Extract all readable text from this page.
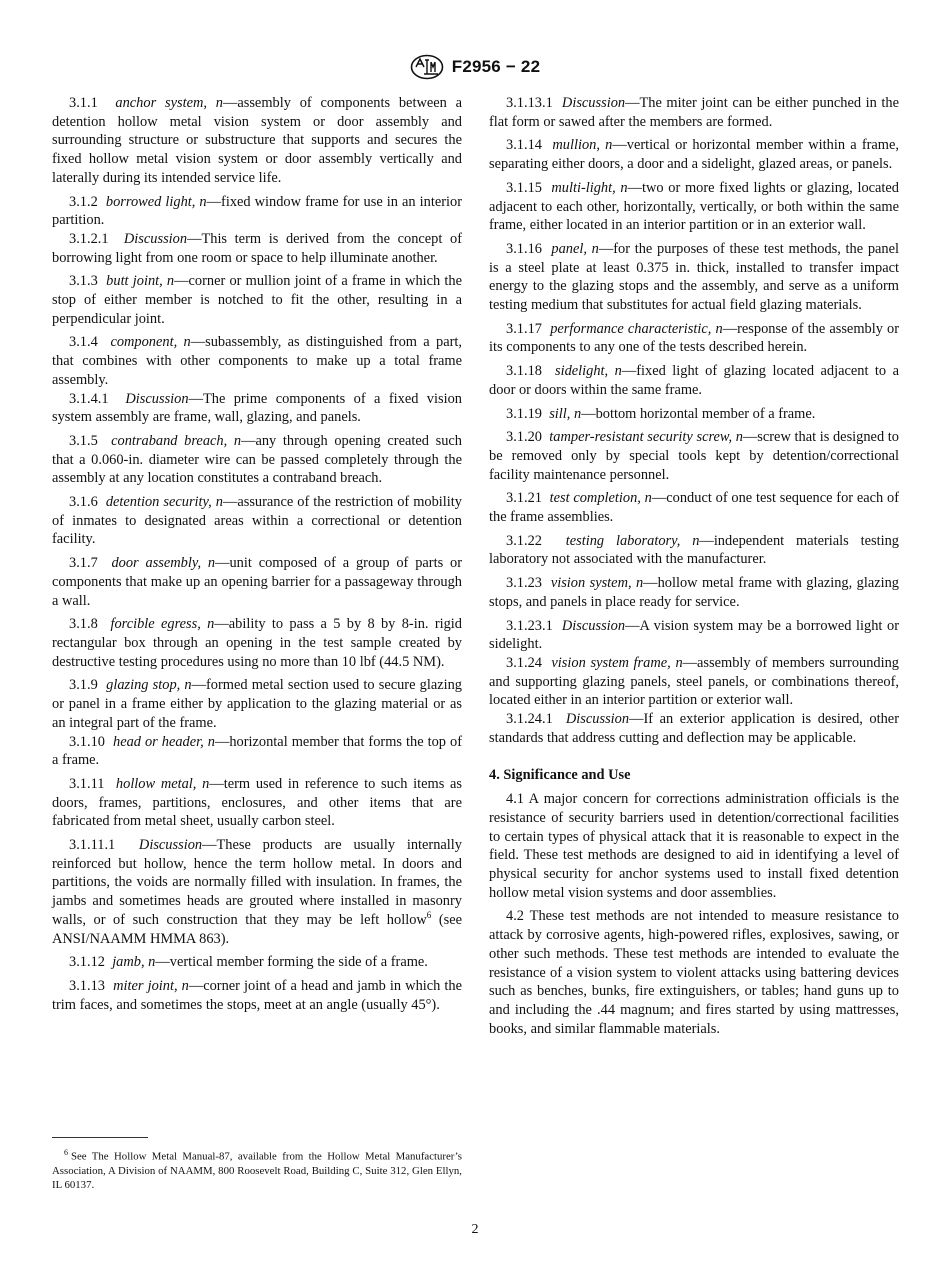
F2956 − 22

3.1.1 anchor system, n—assembly of components between a detention hollow metal vision system or door assembly and surrounding structure or substructure that supports and secures the fixed hollow metal vision system or door assembly vertically and laterally during its intended service life.

3.1.2 borrowed light, n—fixed window frame for use in an interior partition.

3.1.2.1 Discussion—This term is derived from the concept of borrowing light from one room or space to help illuminate another.

3.1.3 butt joint, n—corner or mullion joint of a frame in which the stop of either member is notched to fit the other, resulting in a perpendicular joint.

3.1.4 component, n—subassembly, as distinguished from a part, that combines with other components to make up a total frame assembly.

3.1.4.1 Discussion—The prime components of a fixed vision system assembly are frame, wall, glazing, and panels.

3.1.5 contraband breach, n—any through opening created such that a 0.060-in. diameter wire can be passed completely through the assembly at any location constitutes a contraband breach.

3.1.6 detention security, n—assurance of the restriction of mobility of inmates to designated areas within a correctional or detention facility.

3.1.7 door assembly, n—unit composed of a group of parts or components that make up an opening barrier for a passageway through a wall.

3.1.8 forcible egress, n—ability to pass a 5 by 8 by 8-in. rigid rectangular box through an opening in the test sample created by destructive testing procedures using no more than 10 lbf (44.5 NM).

3.1.9 glazing stop, n—formed metal section used to secure glazing or panel in a frame either by application to the glazing material or as an integral part of the frame.

3.1.10 head or header, n—horizontal member that forms the top of a frame.

3.1.11 hollow metal, n—term used in reference to such items as doors, frames, partitions, enclosures, and other items that are fabricated from metal sheet, usually carbon steel.

3.1.11.1 Discussion—These products are usually internally reinforced but hollow, hence the term hollow metal. In doors and partitions, the voids are normally filled with insulation. In frames, the jambs and sometimes heads are grouted where installed in masonry walls, or of such construction that they may be left hollow$^6$ (see ANSI/NAAMM HMMA 863).

3.1.12 jamb, n—vertical member forming the side of a frame.

3.1.13 miter joint, n—corner joint of a head and jamb in which the trim faces, and sometimes the stops, meet at an angle (usually 45°).

3.1.13.1 Discussion—The miter joint can be either punched in the flat form or sawed after the members are formed.

3.1.14 mullion, n—vertical or horizontal member within a frame, separating either doors, a door and a sidelight, glazed areas, or panels.

3.1.15 multi-light, n—two or more fixed lights or glazing, located adjacent to each other, horizontally, vertically, or both within the same frame, either located in an interior partition or in an exterior wall.

3.1.16 panel, n—for the purposes of these test methods, the panel is a steel plate at least 0.375 in. thick, installed to transfer impact energy to the glazing stops and the assembly, and serve as a uniform testing medium that substitutes for actual field glazing materials.

3.1.17 performance characteristic, n—response of the assembly or its components to any one of the tests described herein.

3.1.18 sidelight, n—fixed light of glazing located adjacent to a door or doors within the same frame.

3.1.19 sill, n—bottom horizontal member of a frame.

3.1.20 tamper-resistant security screw, n—screw that is designed to be removed only by special tools kept by detention/correctional facility maintenance personnel.

3.1.21 test completion, n—conduct of one test sequence for each of the frame assemblies.

3.1.22 testing laboratory, n—independent materials testing laboratory not associated with the manufacturer.

3.1.23 vision system, n—hollow metal frame with glazing, glazing stops, and panels in place ready for service.

3.1.23.1 Discussion—A vision system may be a borrowed light or sidelight.

3.1.24 vision system frame, n—assembly of members surrounding and supporting glazing panels, steel panels, or combinations thereof, located either in an interior partition or exterior wall.

3.1.24.1 Discussion—If an exterior application is desired, other standards that address cutting and deflection may be applicable.

4. Significance and Use

4.1 A major concern for corrections administration officials is the resistance of security barriers used in detention/correctional facilities to certain types of physical attack that it is reasonable to expect in the field. These test methods are designed to aid in identifying a level of physical security for anchor systems used to install fixed detention hollow metal vision systems and door assemblies.

4.2 These test methods are not intended to measure resistance to attack by corrosive agents, high-powered rifles, explosives, sawing, or other such methods. These test methods are intended to evaluate the resistance of a vision system to violent attacks using battering devices such as benches, bunks, fire extinguishers, or tables; hand guns up to and including the .44 magnum; and fires started by using mattresses, books, and similar flammable materials.

$^6$ See The Hollow Metal Manual-87, available from the Hollow Metal Manufacturer’s Association, A Division of NAAMM, 800 Roosevelt Road, Building C, Suite 312, Glen Ellyn, IL 60137.
2
